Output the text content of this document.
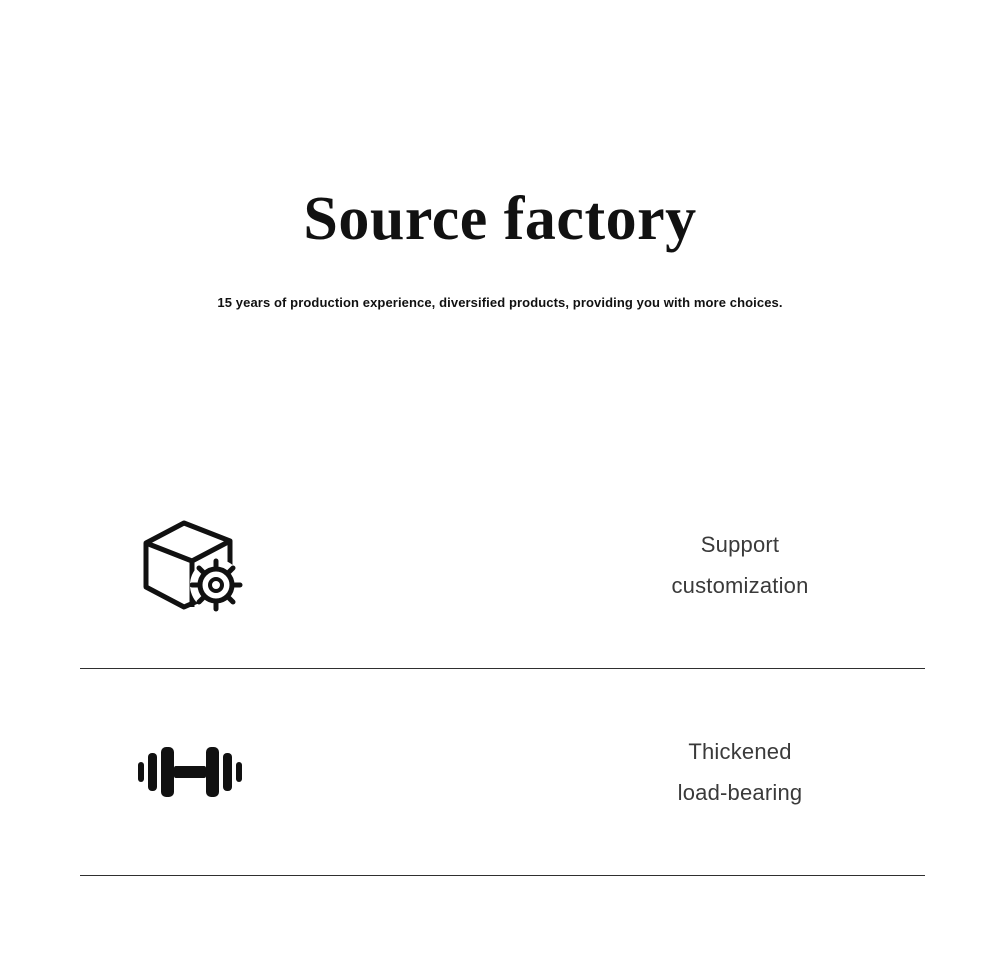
Source factory

15 years of production experience, diversified products, providing you with more choices.

Support
customization
Thickened
load-bearing
